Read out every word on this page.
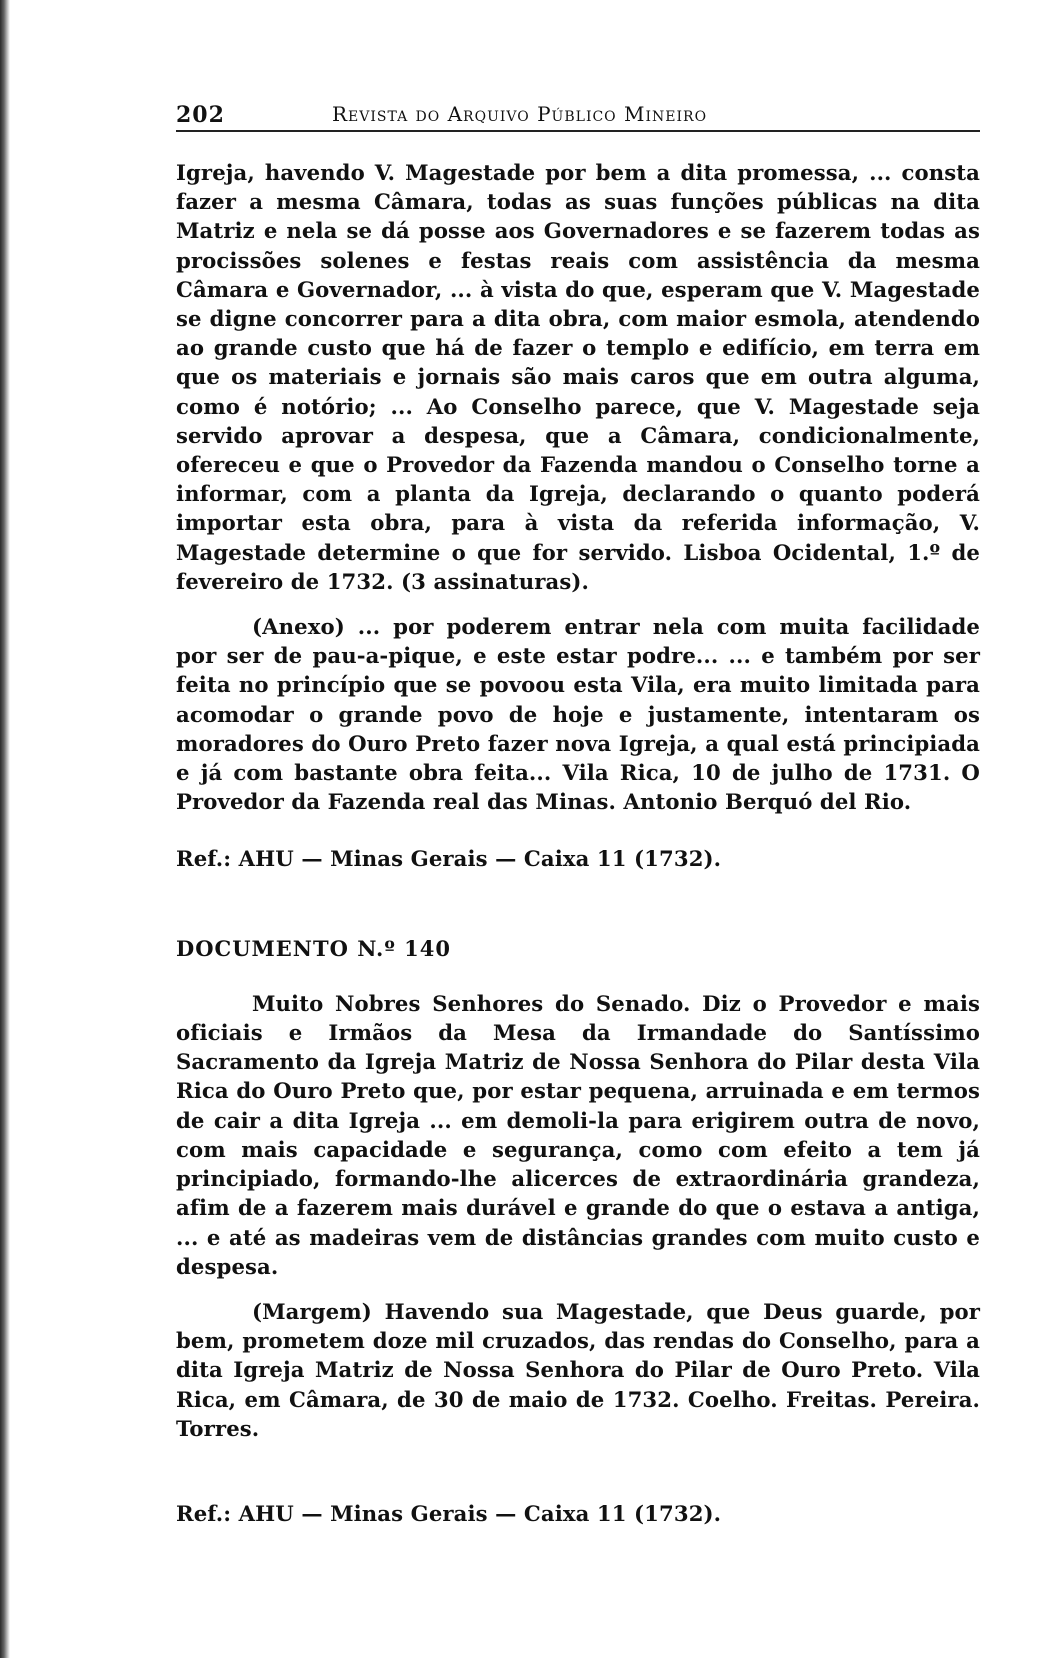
202	Revista do Arquivo Público Mineiro

Igreja, havendo V. Magestade por bem a dita promessa, ... consta fazer a mesma Câmara, todas as suas funções públicas na dita Matriz e nela se dá posse aos Governadores e se fazerem todas as procissões solenes e festas reais com assistência da mesma Câmara e Governador, ... à vista do que, esperam que V. Magestade se digne concorrer para a dita obra, com maior esmola, atendendo ao grande custo que há de fazer o templo e edifício, em terra em que os materiais e jornais são mais caros que em outra alguma, como é notório; ... Ao Conselho parece, que V. Magestade seja servido aprovar a despesa, que a Câmara, condicionalmente, ofereceu e que o Provedor da Fazenda mandou o Conselho torne a informar, com a planta da Igreja, declarando o quanto poderá importar esta obra, para à vista da referida informação, V. Magestade determine o que for servido. Lisboa Ocidental, 1.º de fevereiro de 1732. (3 assinaturas).

(Anexo) ... por poderem entrar nela com muita facilidade por ser de pau-a-pique, e este estar podre... ... e também por ser feita no princípio que se povoou esta Vila, era muito limitada para acomodar o grande povo de hoje e justamente, intentaram os moradores do Ouro Preto fazer nova Igreja, a qual está principiada e já com bastante obra feita... Vila Rica, 10 de julho de 1731. O Provedor da Fazenda real das Minas. Antonio Berquó del Rio.

Ref.: AHU — Minas Gerais — Caixa 11 (1732).

DOCUMENTO N.º 140

Muito Nobres Senhores do Senado. Diz o Provedor e mais oficiais e Irmãos da Mesa da Irmandade do Santíssimo Sacramento da Igreja Matriz de Nossa Senhora do Pilar desta Vila Rica do Ouro Preto que, por estar pequena, arruinada e em termos de cair a dita Igreja ... em demoli-la para erigirem outra de novo, com mais capacidade e segurança, como com efeito a tem já principiado, formando-lhe alicerces de extraordinária grandeza, afim de a fazerem mais durável e grande do que o estava a antiga, ... e até as madeiras vem de distâncias grandes com muito custo e despesa.

(Margem) Havendo sua Magestade, que Deus guarde, por bem, prometem doze mil cruzados, das rendas do Conselho, para a dita Igreja Matriz de Nossa Senhora do Pilar de Ouro Preto. Vila Rica, em Câmara, de 30 de maio de 1732. Coelho. Freitas. Pereira. Torres.

Ref.: AHU — Minas Gerais — Caixa 11 (1732).
